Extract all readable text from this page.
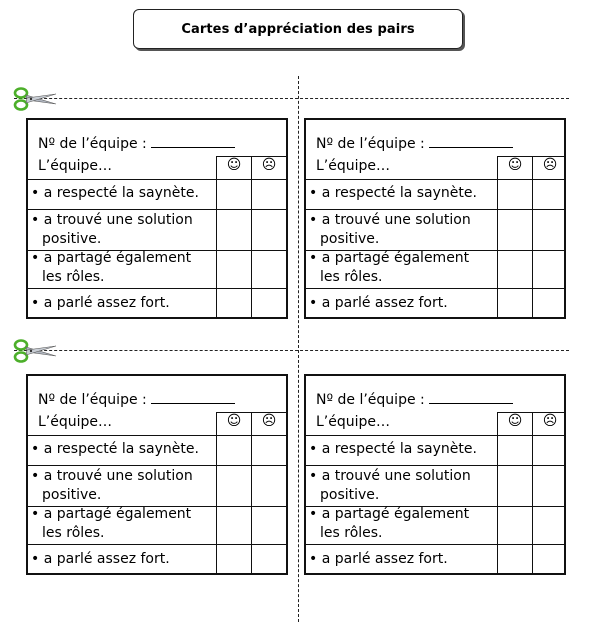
Cartes d’appréciation des pairs
Nº de l’équipe :
L’équipe…	☺	☹
• a respecté la saynète.
• a trouvé une solution
positive.
• a partagé également
les rôles.
• a parlé assez fort.
Nº de l’équipe :
L’équipe…	☺	☹
• a respecté la saynète.
• a trouvé une solution
positive.
• a partagé également
les rôles.
• a parlé assez fort.
Nº de l’équipe :
L’équipe…	☺	☹
• a respecté la saynète.
• a trouvé une solution
positive.
• a partagé également
les rôles.
• a parlé assez fort.
Nº de l’équipe :
L’équipe…	☺	☹
• a respecté la saynète.
• a trouvé une solution
positive.
• a partagé également
les rôles.
• a parlé assez fort.
